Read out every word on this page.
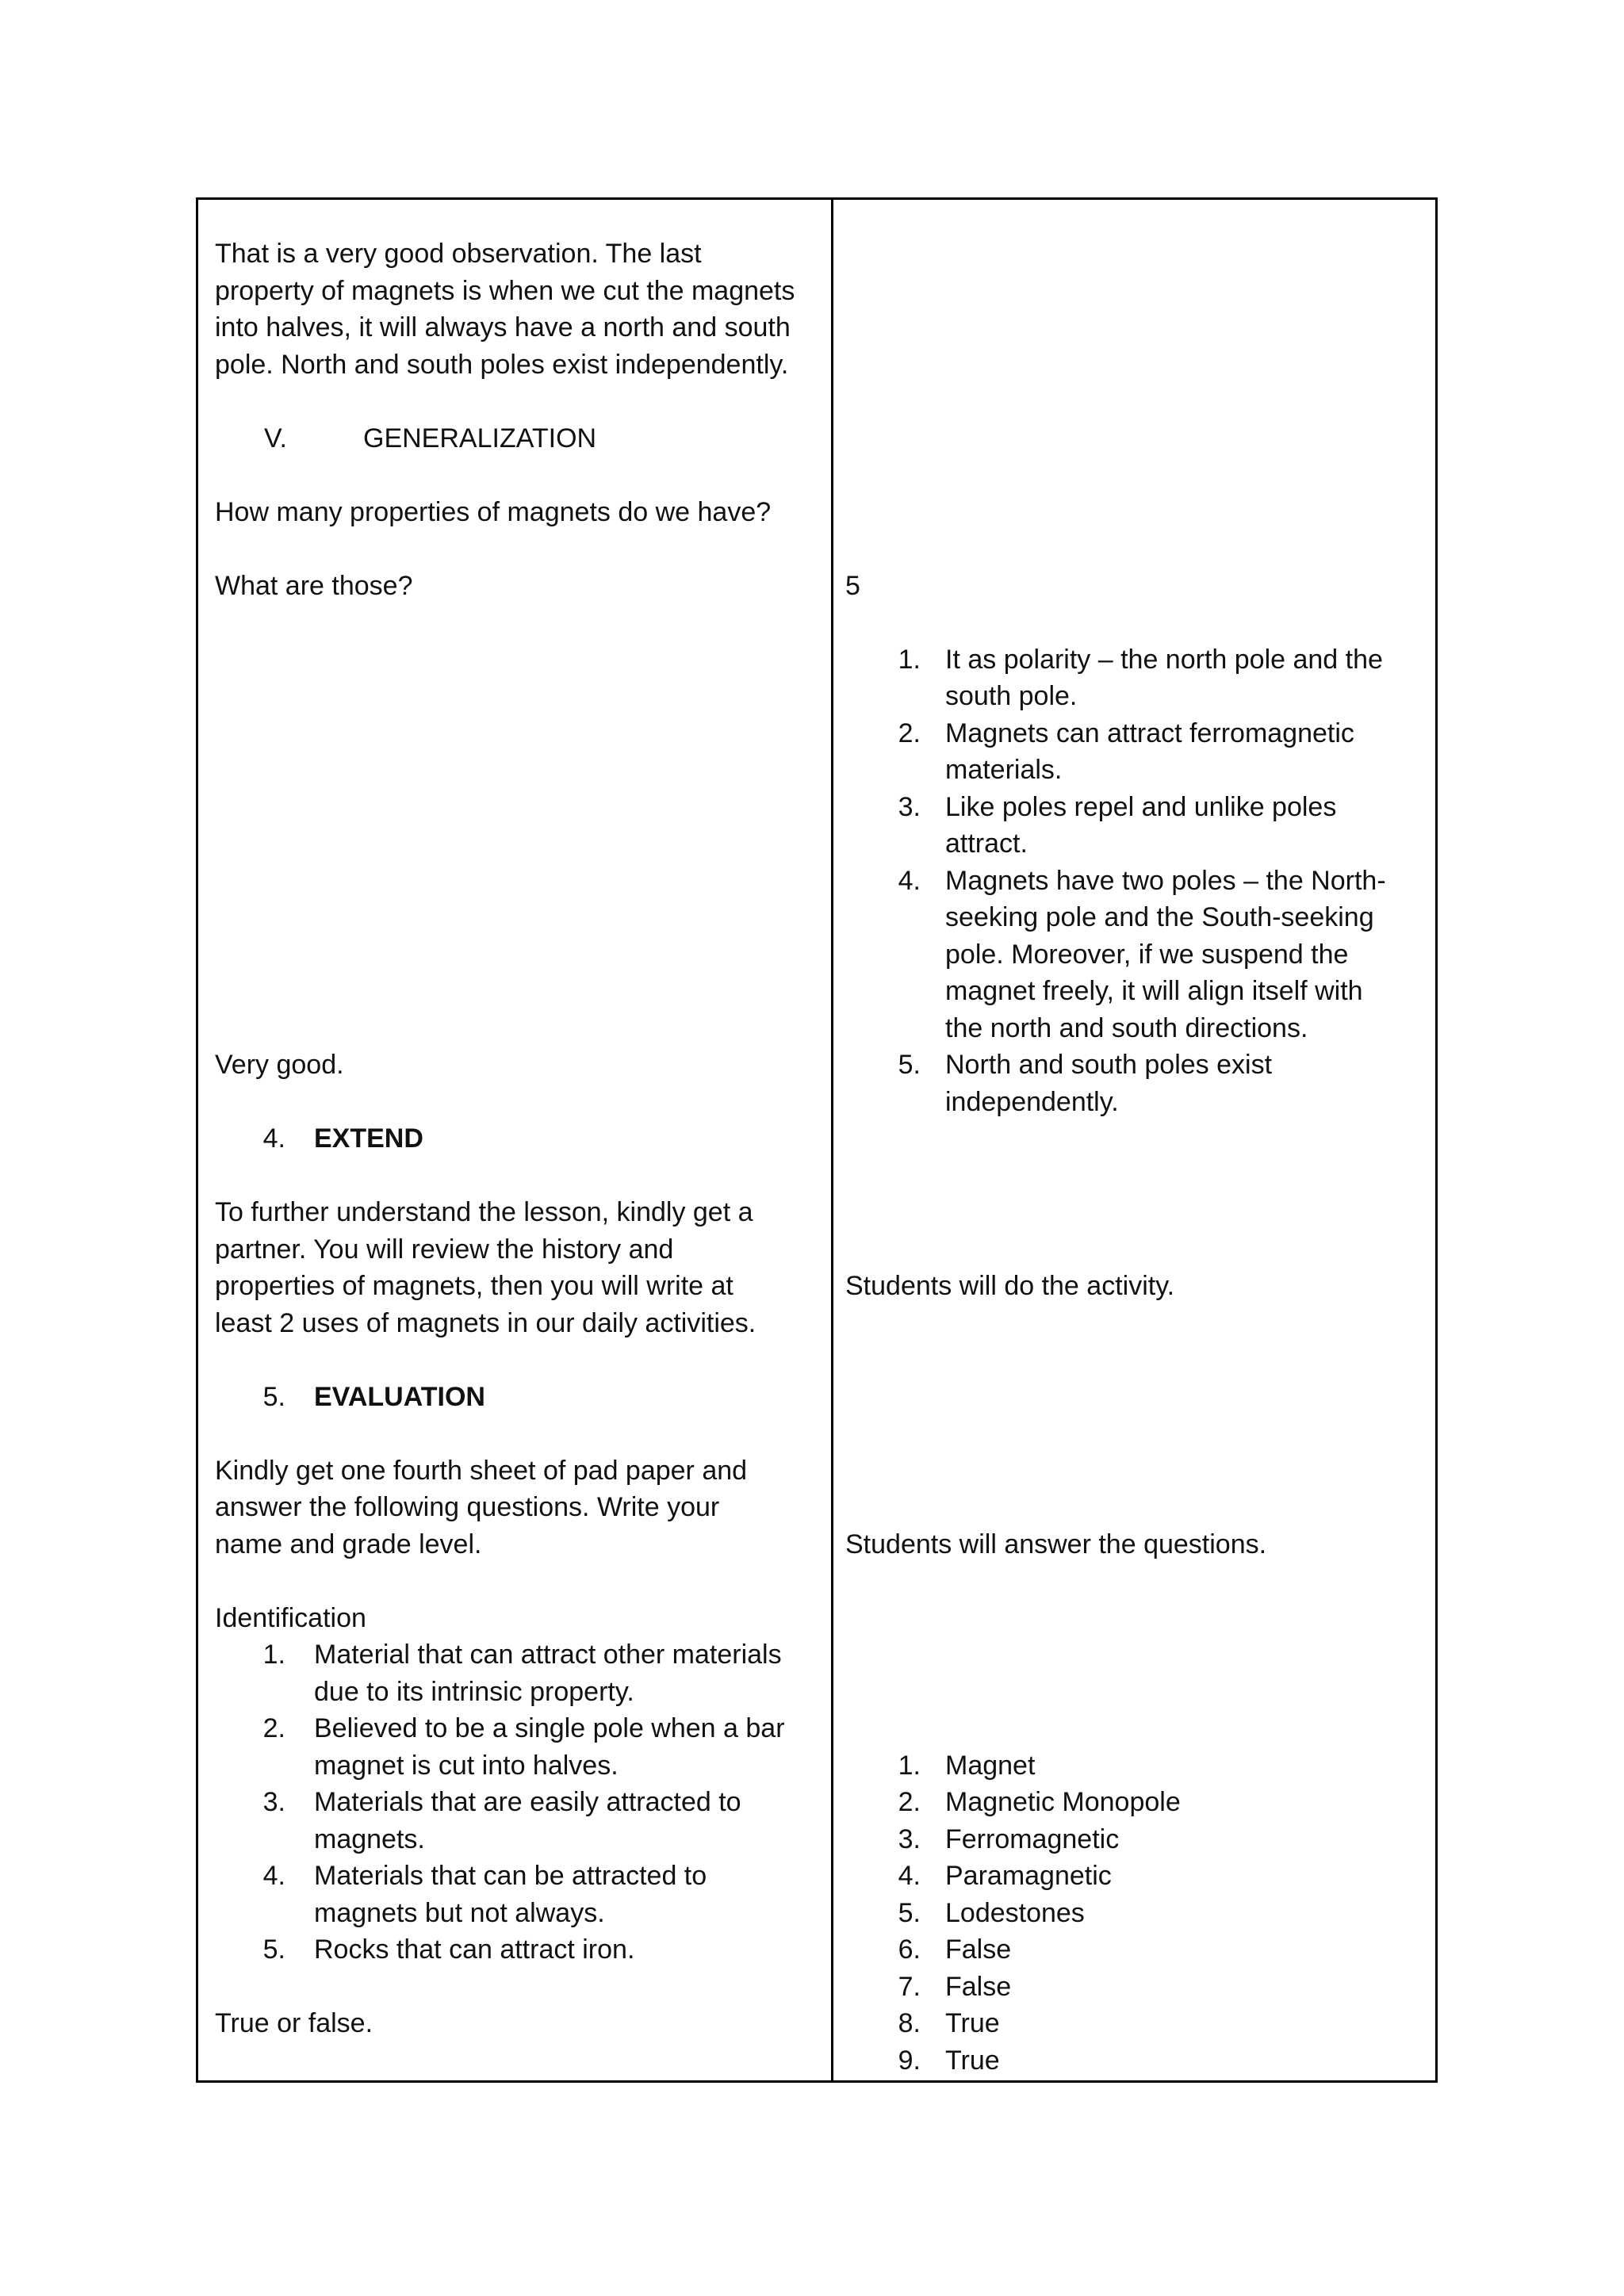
That is a very good observation. The last
property of magnets is when we cut the magnets
into halves, it will always have a north and south
pole. North and south poles exist independently.
V.	GENERALIZATION
How many properties of magnets do we have?
What are those?
Very good.
4. EXTEND
To further understand the lesson, kindly get a
partner. You will review the history and
properties of magnets, then you will write at
least 2 uses of magnets in our daily activities.
5. EVALUATION
Kindly get one fourth sheet of pad paper and
answer the following questions. Write your
name and grade level.
Identification
1. Material that can attract other materials
due to its intrinsic property.
2. Believed to be a single pole when a bar
magnet is cut into halves.
3. Materials that are easily attracted to
magnets.
4. Materials that can be attracted to
magnets but not always.
5. Rocks that can attract iron.
True or false.
5
1. It as polarity – the north pole and the
south pole.
2. Magnets can attract ferromagnetic
materials.
3. Like poles repel and unlike poles
attract.
4. Magnets have two poles – the North-
seeking pole and the South-seeking
pole. Moreover, if we suspend the
magnet freely, it will align itself with
the north and south directions.
5. North and south poles exist
independently.
Students will do the activity.
Students will answer the questions.
1. Magnet
2. Magnetic Monopole
3. Ferromagnetic
4. Paramagnetic
5. Lodestones
6. False
7. False
8. True
9. True
